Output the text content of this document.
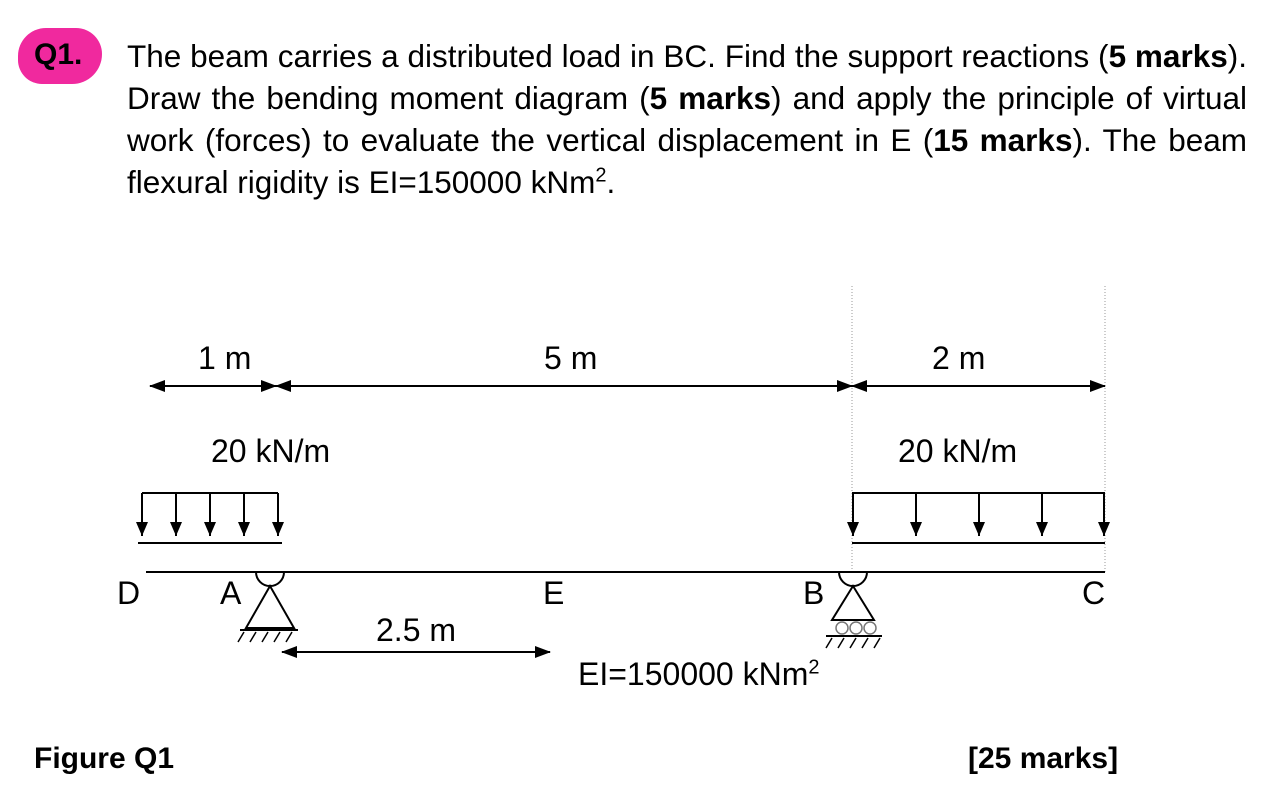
Q1. The beam carries a distributed load in BC. Find the support reactions (5 marks). Draw the bending moment diagram (5 marks) and apply the principle of virtual work (forces) to evaluate the vertical displacement in E (15 marks). The beam flexural rigidity is EI=150000 kNm$^2$.
1 m	5 m	2 m
20 kN/m	20 kN/m
D A	E	B	C
2.5 m
EI=150000 kNm$^2$
Figure Q1	[25 marks]
